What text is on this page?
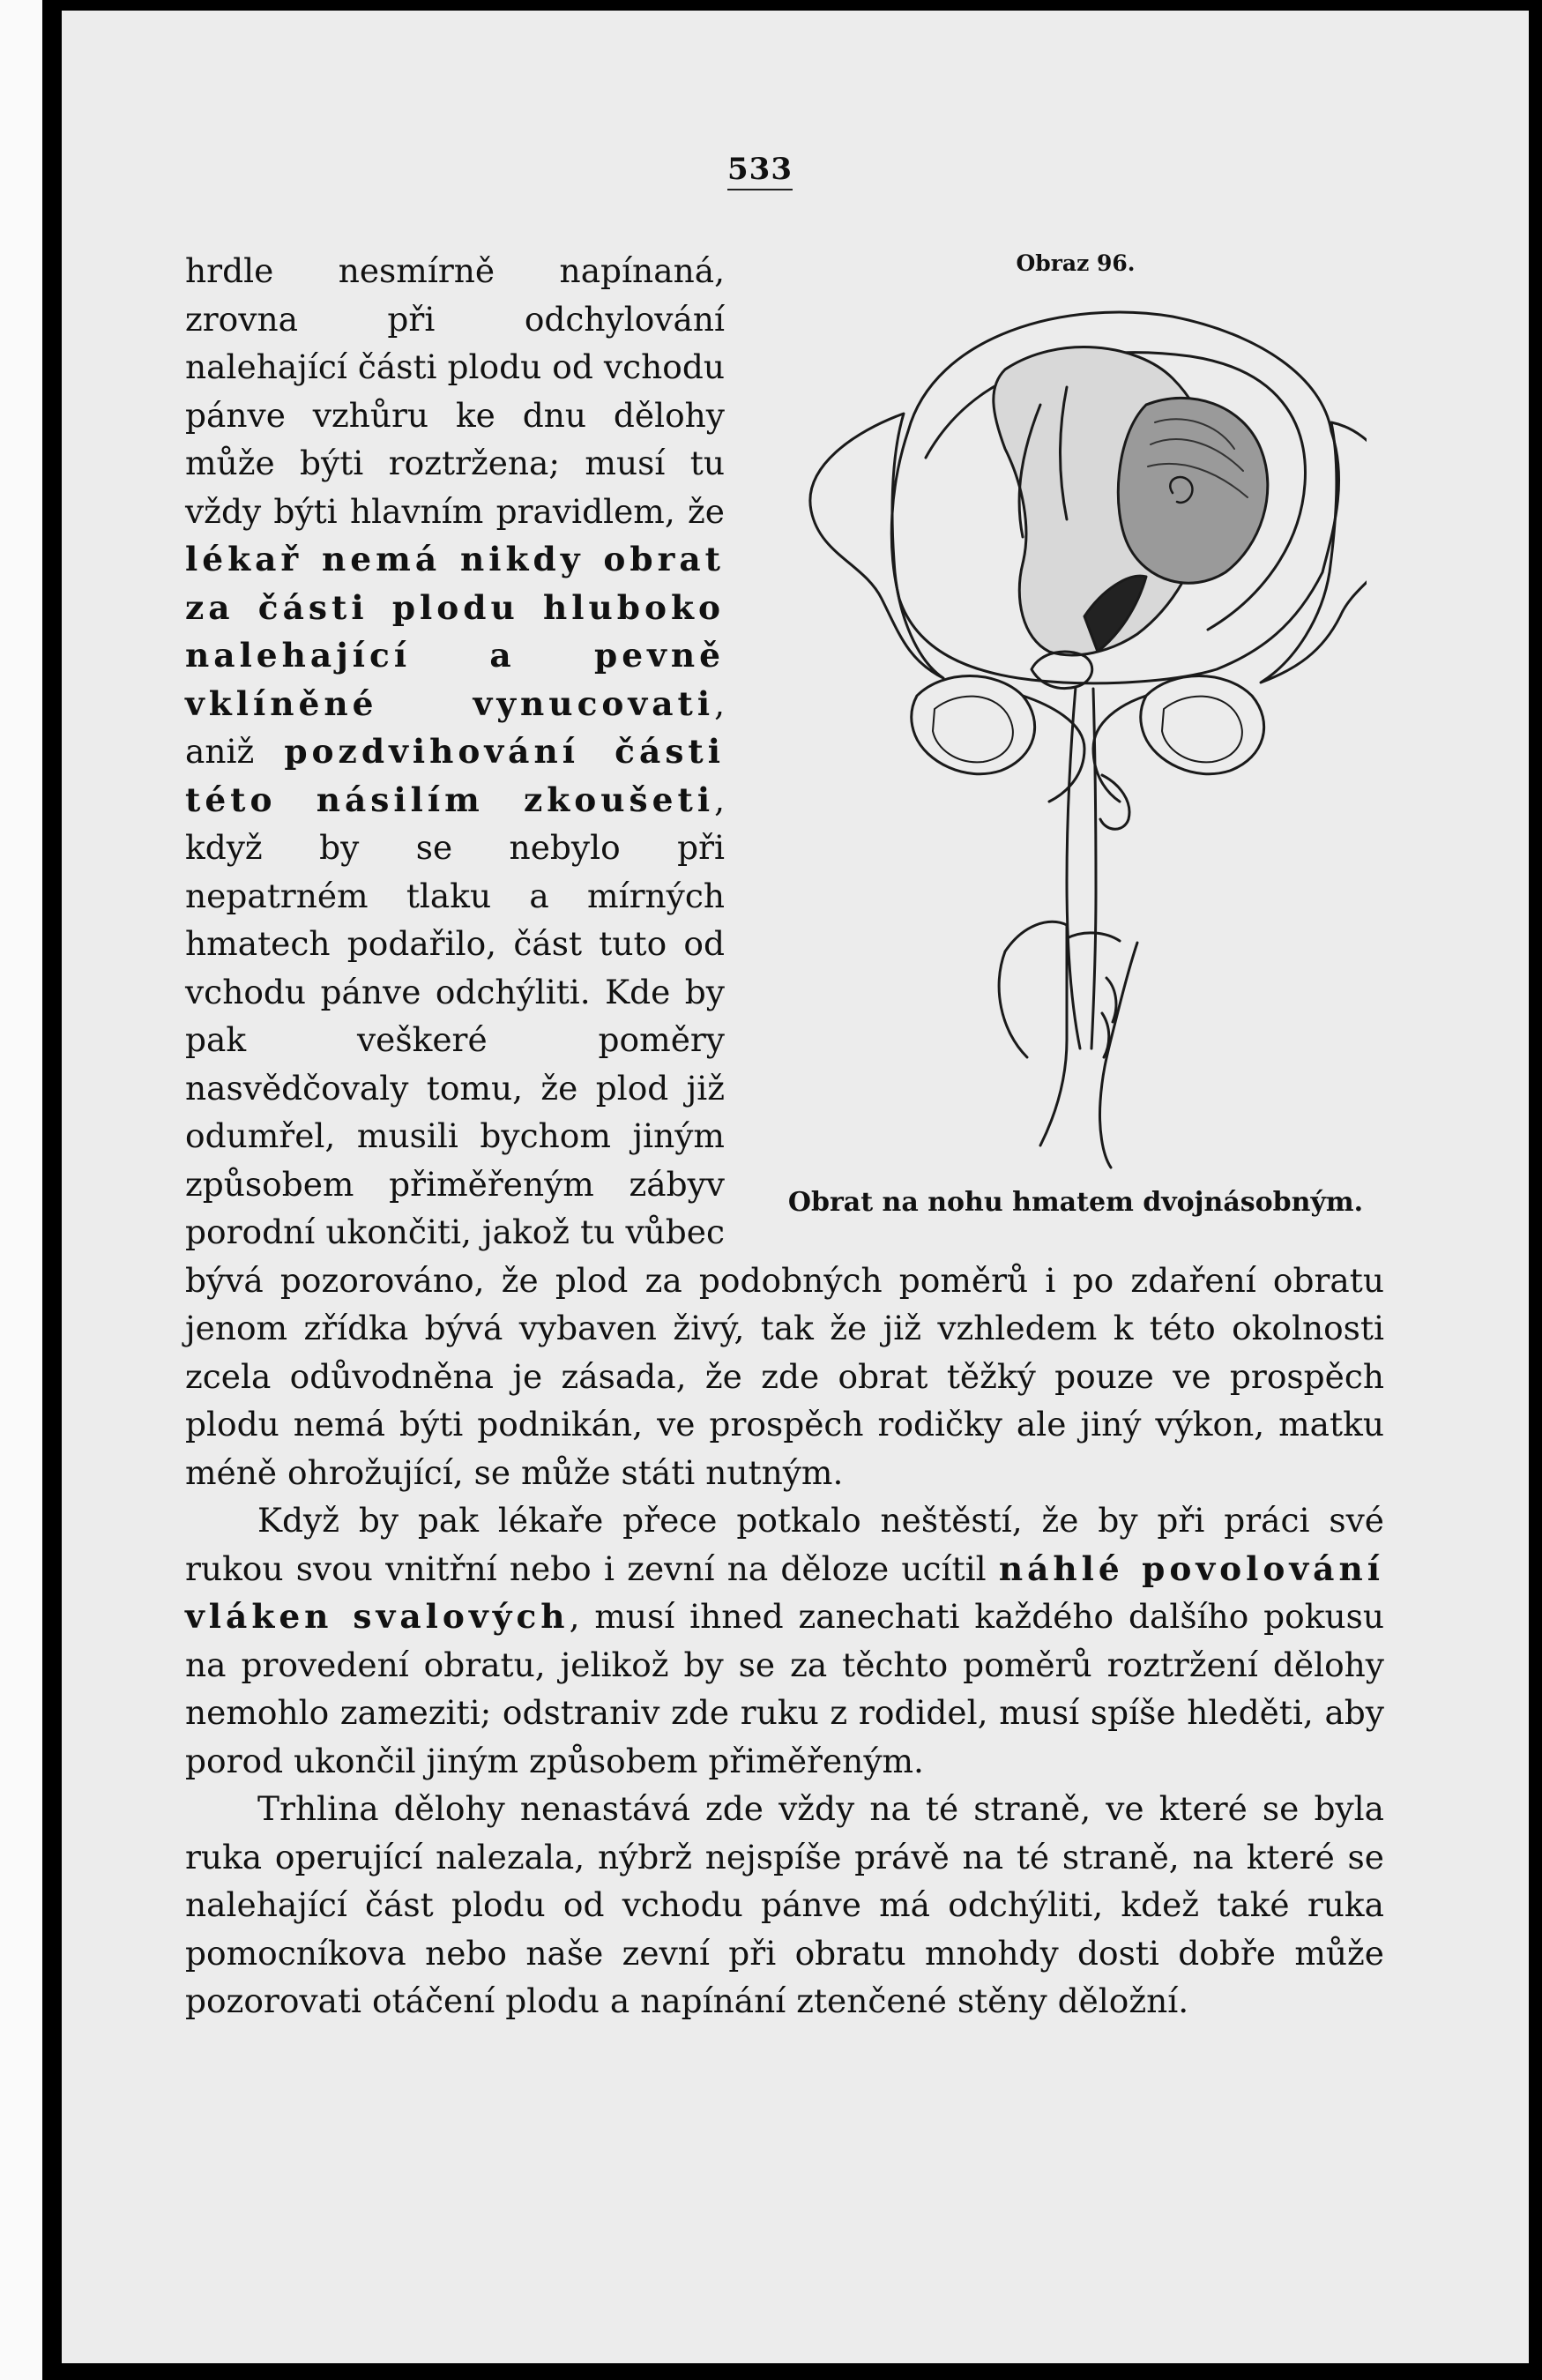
533
Obraz 96.
Obrat na nohu hmatem dvojnásobným.

hrdle nesmírně napínaná, zrovna při odchylování nalehající části plodu od vchodu pánve vzhůru ke dnu dělohy může býti roztržena; musí tu vždy býti hlavním pravidlem, že lékař nemá nikdy obrat za části plodu hluboko nalehající a pevně vklíněné vynucovati, aniž pozdvihování části této násilím zkoušeti, když by se nebylo při nepatrném tlaku a mírných hmatech podařilo, část tuto od vchodu pánve odchýliti. Kde by pak veškeré poměry nasvědčovaly tomu, že plod již odumřel, musili bychom jiným způsobem přiměřeným zábyv porodní ukončiti, jakož tu vůbec bývá pozorováno, že plod za podobných poměrů i po zdaření obratu jenom zřídka bývá vybaven živý, tak že již vzhledem k této okolnosti zcela odůvodněna je zásada, že zde obrat těžký pouze ve prospěch plodu nemá býti podnikán, ve prospěch rodičky ale jiný výkon, matku méně ohrožující, se může státi nutným.

Když by pak lékaře přece potkalo neštěstí, že by při práci své rukou svou vnitřní nebo i zevní na děloze ucítil náhlé povolování vláken svalových, musí ihned zanechati každého dalšího pokusu na provedení obratu, jelikož by se za těchto poměrů roztržení dělohy nemohlo zameziti; odstraniv zde ruku z rodidel, musí spíše hleděti, aby porod ukončil jiným způsobem přiměřeným.

Trhlina dělohy nenastává zde vždy na té straně, ve které se byla ruka operující nalezala, nýbrž nejspíše právě na té straně, na které se nalehající část plodu od vchodu pánve má odchýliti, kdež také ruka pomocníkova nebo naše zevní při obratu mnohdy dosti dobře může pozorovati otáčení plodu a napínání ztenčené stěny děložní.
